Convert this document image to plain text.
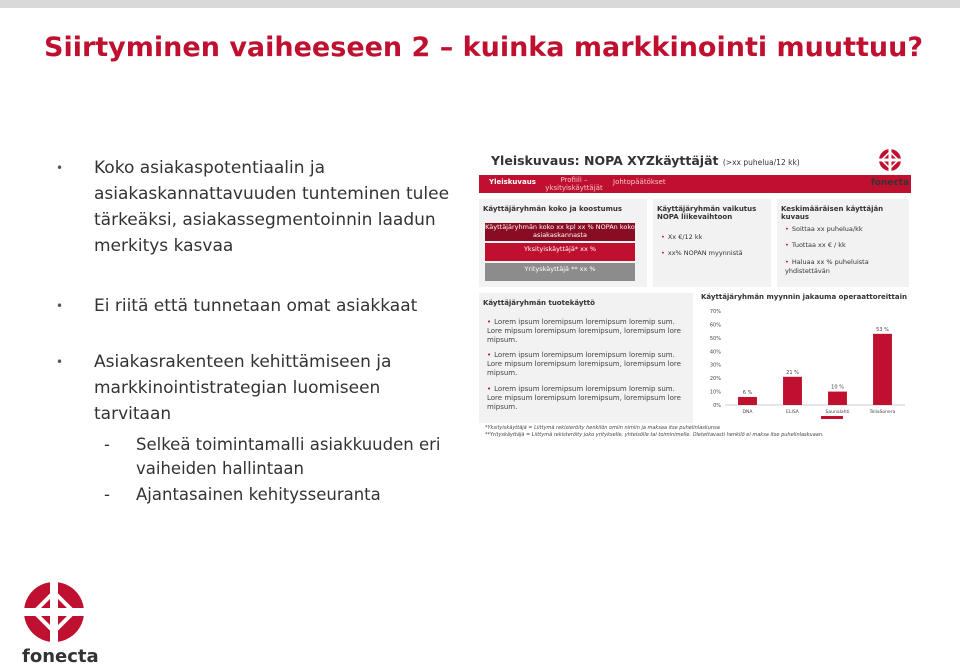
Siirtyminen vaiheeseen 2 – kuinka markkinointi muuttuu?
• Koko asiakaspotentiaalin ja asiakaskannattavuuden tunteminen tulee tärkeäksi, asiakassegmentoinnin laadun merkitys kasvaa
• Ei riitä että tunnetaan omat asiakkaat
• Asiakasrakenteen kehittämiseen ja markkinointistrategian luomiseen tarvitaan
- Selkeä toimintamalli asiakkuuden eri vaiheiden hallintaan
- Ajantasainen kehitysseuranta
Yleiskuvaus: NOPA XYZkäyttäjät (>xx puhelua/12 kk)
Yleiskuvaus	Profiili – yksityiskäyttäjät
Johtopäätökset
Käyttäjäryhmän koko ja koostumus
Käyttäjäryhmän koko xx kpl xx % NOPAn koko asiakaskannasta
Yksityiskäyttäjä* xx %
Yrityskäyttäjä ** xx %
Käyttäjäryhmän vaikutus NOPA liikevaihtoon
• Xx €/12 kk
• xx% NOPAN myynnistä
Keskimääräisen käyttäjän kuvaus
• Soittaa xx puhelua/kk
• Tuottaa xx € / kk
• Haluaa xx % puheluista yhdistettävän
Käyttäjäryhmän tuotekäyttö
• Lorem ipsum loremipsum loremipsum loremip sum. Lore mipsum loremipsum loremipsum, loremipsum lore mipsum.
• Lorem ipsum loremipsum loremipsum loremip sum. Lore mipsum loremipsum loremipsum, loremipsum lore mipsum.
• Lorem ipsum loremipsum loremipsum loremip sum. Lore mipsum loremipsum loremipsum, loremipsum lore mipsum.
Käyttäjäryhmän myynnin jakauma operaattoreittain
0%
10%
20%
30%
40%
50%
60%
70%
6 %
DNA
21 %
ELISA
10 %
Saunalahti
53 %
TeliaSonera
*Yksityiskäyttäjä = Liittymä rekisteröity henkilön omiin nimiin ja maksaa itse puhelinlaskunsa
**Yrityskäyttäjä = Liittymä rekisteröity joko yritykselle, yhteisölle tai toiminimelle. Oletettavasti henkilö ei maksa itse puhelinlaskuaan.
fonecta
fonecta
